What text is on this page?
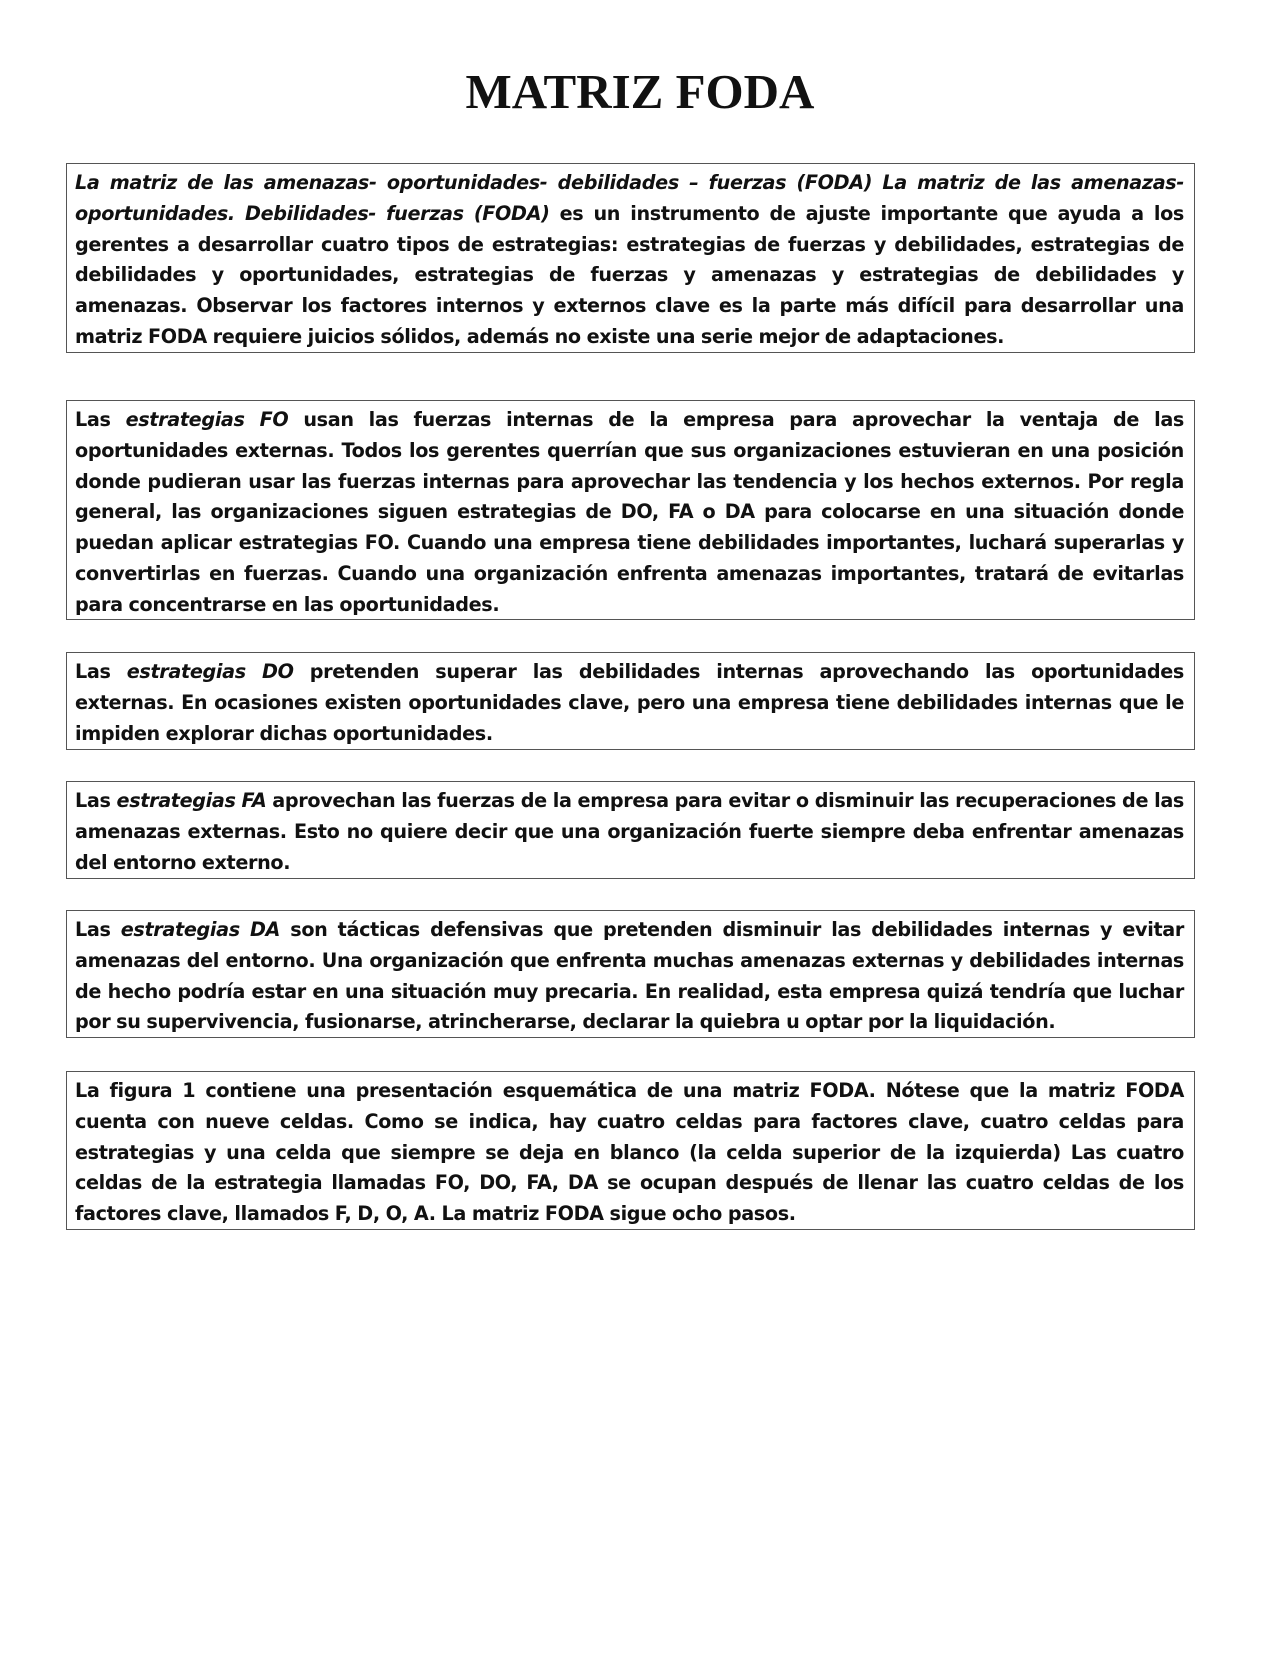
MATRIZ FODA

La matriz de las amenazas- oportunidades- debilidades – fuerzas (FODA) La matriz de las amenazas- oportunidades. Debilidades- fuerzas (FODA) es un instrumento de ajuste importante que ayuda a los gerentes a desarrollar cuatro tipos de estrategias: estrategias de fuerzas y debilidades, estrategias de debilidades y oportunidades, estrategias de fuerzas y amenazas y estrategias de debilidades y amenazas. Observar los factores internos y externos clave es la parte más difícil para desarrollar una matriz FODA requiere juicios sólidos, además no existe una serie mejor de adaptaciones.

Las estrategias FO usan las fuerzas internas de la empresa para aprovechar la ventaja de las oportunidades externas. Todos los gerentes querrían que sus organizaciones estuvieran en una posición donde pudieran usar las fuerzas internas para aprovechar las tendencia y los hechos externos. Por regla general, las organizaciones siguen estrategias de DO, FA o DA para colocarse en una situación donde puedan aplicar estrategias FO. Cuando una empresa tiene debilidades importantes, luchará superarlas y convertirlas en fuerzas. Cuando una organización enfrenta amenazas importantes, tratará de evitarlas para concentrarse en las oportunidades.

Las estrategias DO pretenden superar las debilidades internas aprovechando las oportunidades externas. En ocasiones existen oportunidades clave, pero una empresa tiene debilidades internas que le impiden explorar dichas oportunidades.

Las estrategias FA aprovechan las fuerzas de la empresa para evitar o disminuir las recuperaciones de las amenazas externas. Esto no quiere decir que una organización fuerte siempre deba enfrentar amenazas del entorno externo.

Las estrategias DA son tácticas defensivas que pretenden disminuir las debilidades internas y evitar amenazas del entorno. Una organización que enfrenta muchas amenazas externas y debilidades internas de hecho podría estar en una situación muy precaria. En realidad, esta empresa quizá tendría que luchar por su supervivencia, fusionarse, atrincherarse, declarar la quiebra u optar por la liquidación.

La figura 1 contiene una presentación esquemática de una matriz FODA. Nótese que la matriz FODA cuenta con nueve celdas. Como se indica, hay cuatro celdas para factores clave, cuatro celdas para estrategias y una celda que siempre se deja en blanco (la celda superior de la izquierda) Las cuatro celdas de la estrategia llamadas FO, DO, FA, DA se ocupan después de llenar las cuatro celdas de los factores clave, llamados F, D, O, A. La matriz FODA sigue ocho pasos.
